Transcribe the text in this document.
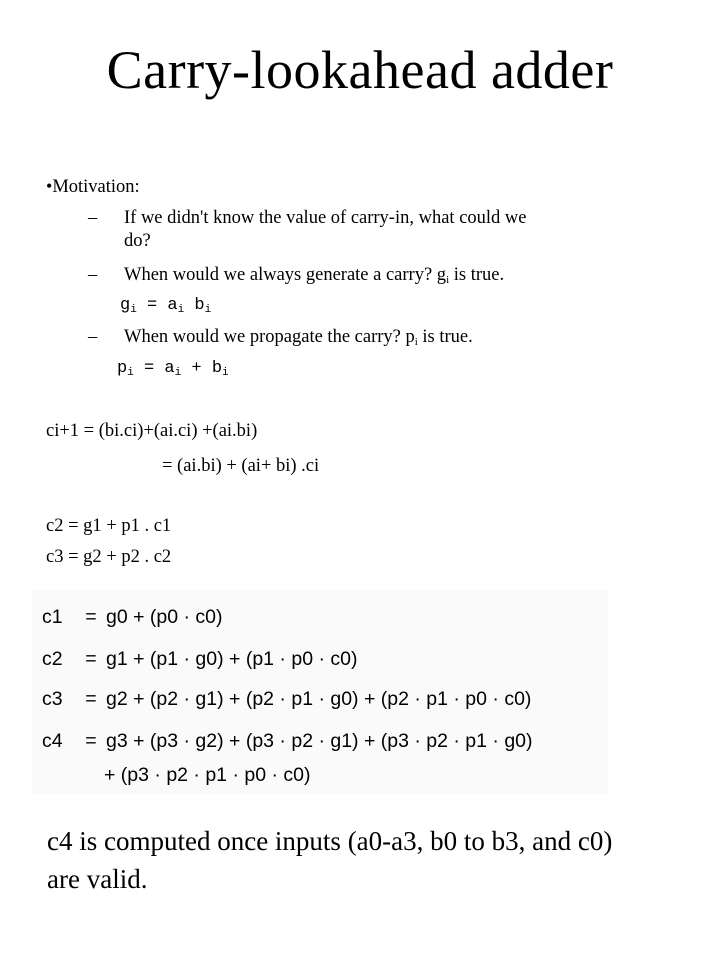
Carry-lookahead adder
•Motivation:
– If we didn't know the value of carry-in, what could we
do?
– When would we always generate a carry? $g_i$ is true.
$g_i = a_i$ $b_i$
– When would we propagate the carry? $p_i$ is true.
$p_i = a_i + b_i$
ci+1 = (bi.ci)+(ai.ci) +(ai.bi)
= (ai.bi) + (ai+ bi) .ci
c2 = g1 + p1 . c1
c3 = g2 + p2 . c2
c1 = g0 + (p0 · c0)
c2 = g1 + (p1 · g0) + (p1 · p0 · c0)
c3 = g2 + (p2 · g1) + (p2 · p1 · g0) + (p2 · p1 · p0 · c0)
c4 = g3 + (p3 · g2) + (p3 · p2 · g1) + (p3 · p2 · p1 · g0)
+ (p3 · p2 · p1 · p0 · c0)
c4 is computed once inputs (a0-a3, b0 to b3, and c0) are valid.
